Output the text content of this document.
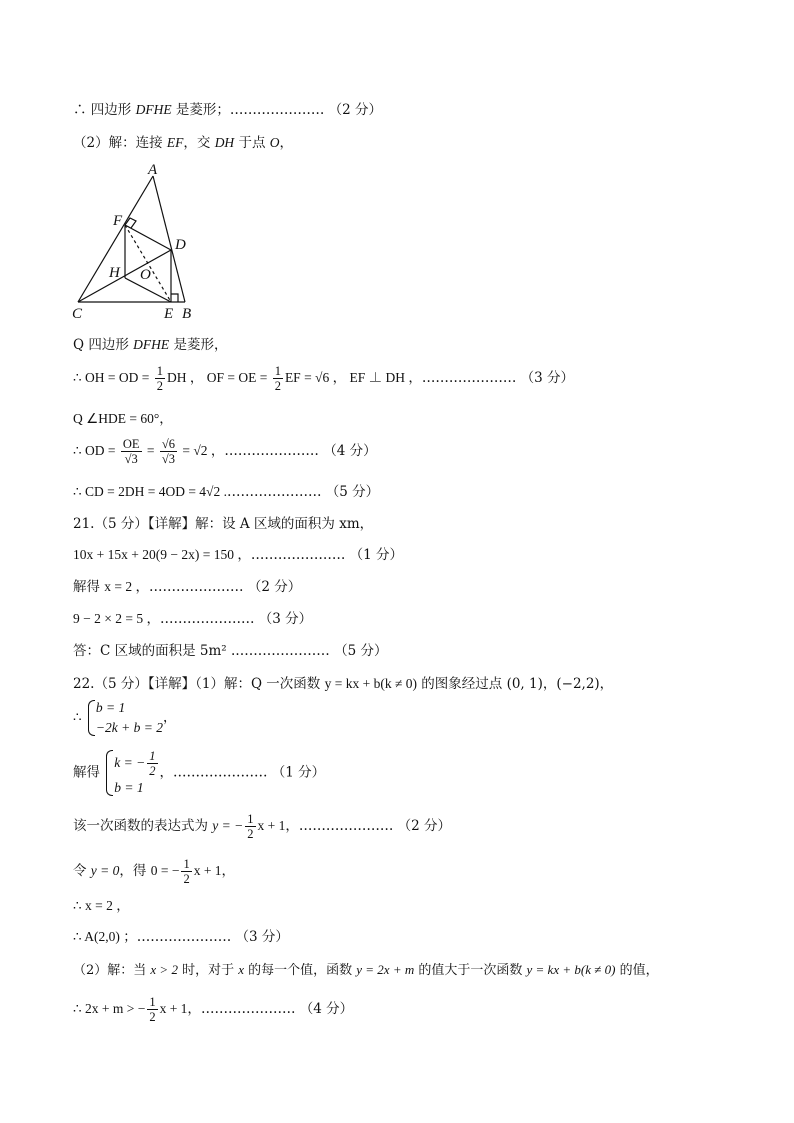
∴ 四边形 DFHE 是菱形；………………… （2 分）
（2）解：连接 EF，交 DH 于点 O，
A
F
D
H O
C	E B
Q 四边形 DFHE 是菱形，
∴ OH = OD = $\frac{1}{2}$ DH ， OF = OE = $\frac{1}{2}$ EF = √6 ， EF ⊥ DH ，………………… （3 分）
Q ∠HDE = 60°，
∴ OD = $\frac{OE}{√3} = \frac{√6}{√3} = √2$ ，………………… （4 分）
∴ CD = 2DH = 4OD = 4√2 .………………… （5 分）
21.（5 分）【详解】解：设 A 区域的面积为 xm，
10x + 15x + 20(9 − 2x) = 150 ，………………… （1 分）
解得 x = 2 ，………………… （2 分）
9 − 2 × 2 = 5 ，………………… （3 分）
答：C 区域的面积是 5m² .………………… （5 分）
22.（5 分）【详解】（1）解：Q 一次函数 y = kx + b(k ≠ 0) 的图象经过点 (0, 1)，(−2,2)，
∴
b = 1
−2k + b = 2
，
解得
k = − $\frac{1}{2}$
b = 1
，………………… （1 分）
该一次函数的表达式为 y = − $\frac{1}{2}$ x + 1，………………… （2 分）
令 y = 0，得 0 = − $\frac{1}{2}$ x + 1，
∴ x = 2 ，
∴ A(2,0) ；………………… （3 分）
（2）解：当 x > 2 时，对于 x 的每一个值，函数 y = 2x + m 的值大于一次函数 y = kx + b(k ≠ 0) 的值，
∴ 2x + m > − $\frac{1}{2}$ x + 1，………………… （4 分）
